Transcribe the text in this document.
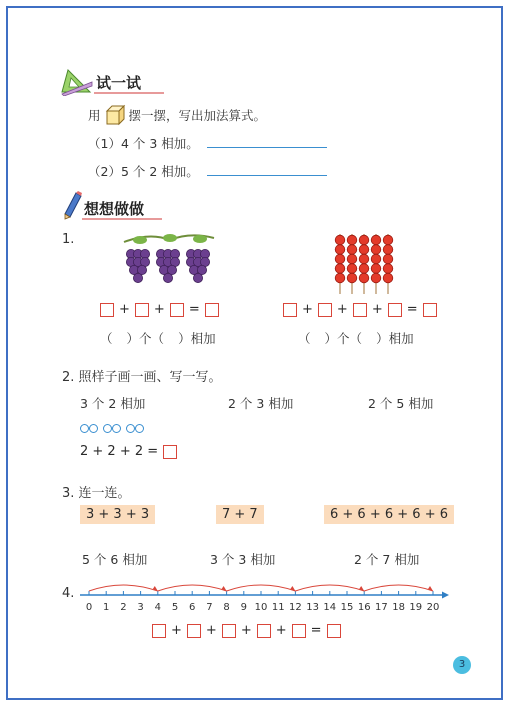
试一试
用 摆一摆，写出加法算式。
（1）4 个 3 相加。
（2）5 个 2 相加。
想想做做
1.
+ + =
（ ） 个 （ ） 相加
+ + + =
（ ） 个 （ ） 相加
2. 照样子画一画、写一写。
3 个 2 相加	2 个 3 相加	2 个 5 相加
2 + 2 + 2 =
3. 连一连。
3 + 3 + 3	7 + 7	6 + 6 + 6 + 6 + 6
5 个 6 相加	3 个 3 相加	2 个 7 相加
4.
0 1 2 3 4 5 6 7 8 9 10 11 12 13 14 15 16 17 18 19 20
+ + + + =
3
